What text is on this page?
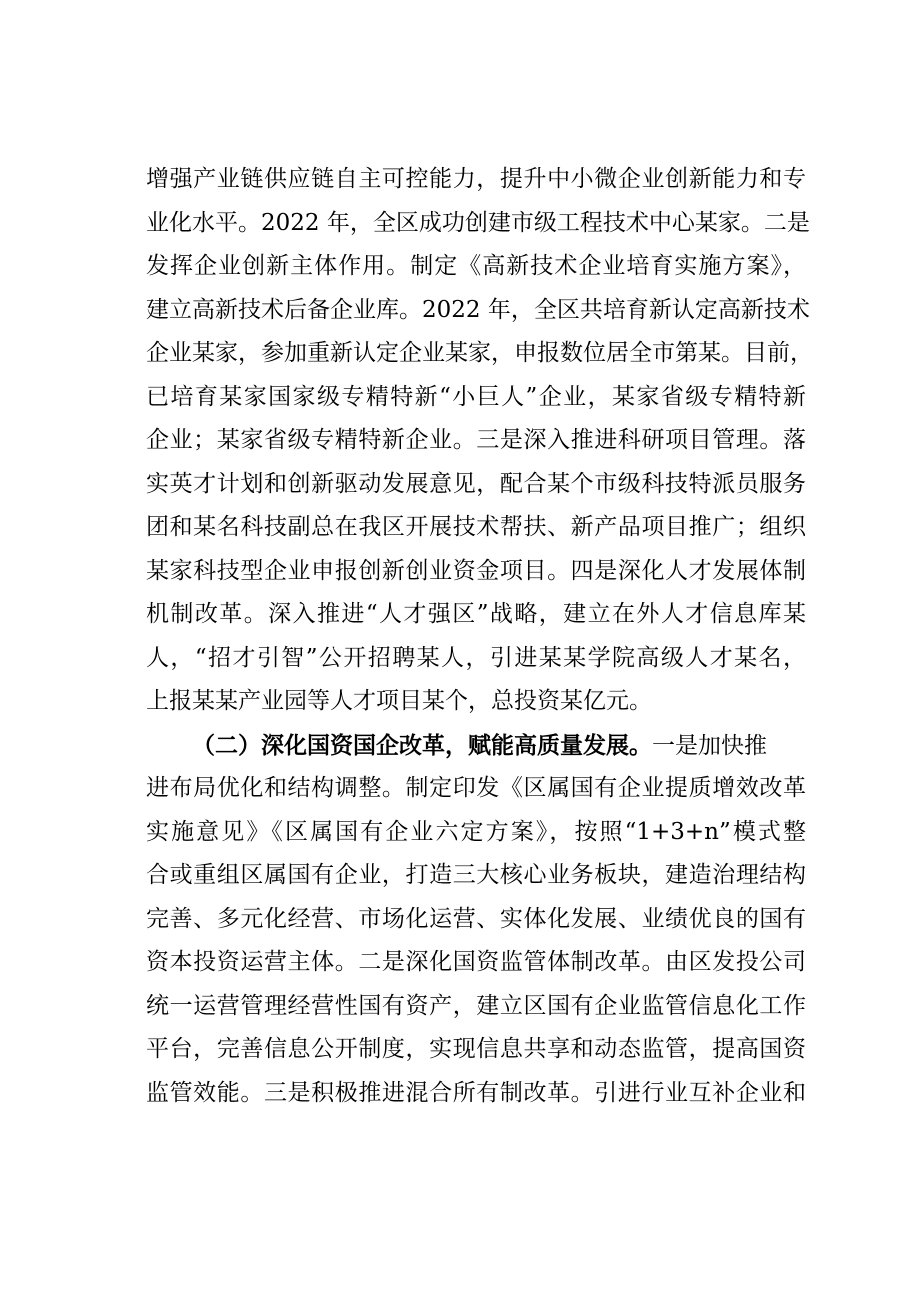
增强产业链供应链自主可控能力，提升中小微企业创新能力和专
业化水平。2022 年，全区成功创建市级工程技术中心某家。二是
发挥企业创新主体作用。制定《高新技术企业培育实施方案》，
建立高新技术后备企业库。2022 年，全区共培育新认定高新技术
企业某家，参加重新认定企业某家，申报数位居全市第某。目前，
已培育某家国家级专精特新“小巨人”企业，某家省级专精特新
企业；某家省级专精特新企业。三是深入推进科研项目管理。落
实英才计划和创新驱动发展意见，配合某个市级科技特派员服务
团和某名科技副总在我区开展技术帮扶、新产品项目推广；组织
某家科技型企业申报创新创业资金项目。四是深化人才发展体制
机制改革。深入推进“人才强区”战略，建立在外人才信息库某
人，“招才引智”公开招聘某人，引进某某学院高级人才某名，
上报某某产业园等人才项目某个，总投资某亿元。
（二）深化国资国企改革，赋能高质量发展。一是加快推
进布局优化和结构调整。制定印发《区属国有企业提质增效改革
实施意见》《区属国有企业六定方案》，按照“1+3+n”模式整
合或重组区属国有企业，打造三大核心业务板块，建造治理结构
完善、多元化经营、市场化运营、实体化发展、业绩优良的国有
资本投资运营主体。二是深化国资监管体制改革。由区发投公司
统一运营管理经营性国有资产，建立区国有企业监管信息化工作
平台，完善信息公开制度，实现信息共享和动态监管，提高国资
监管效能。三是积极推进混合所有制改革。引进行业互补企业和
